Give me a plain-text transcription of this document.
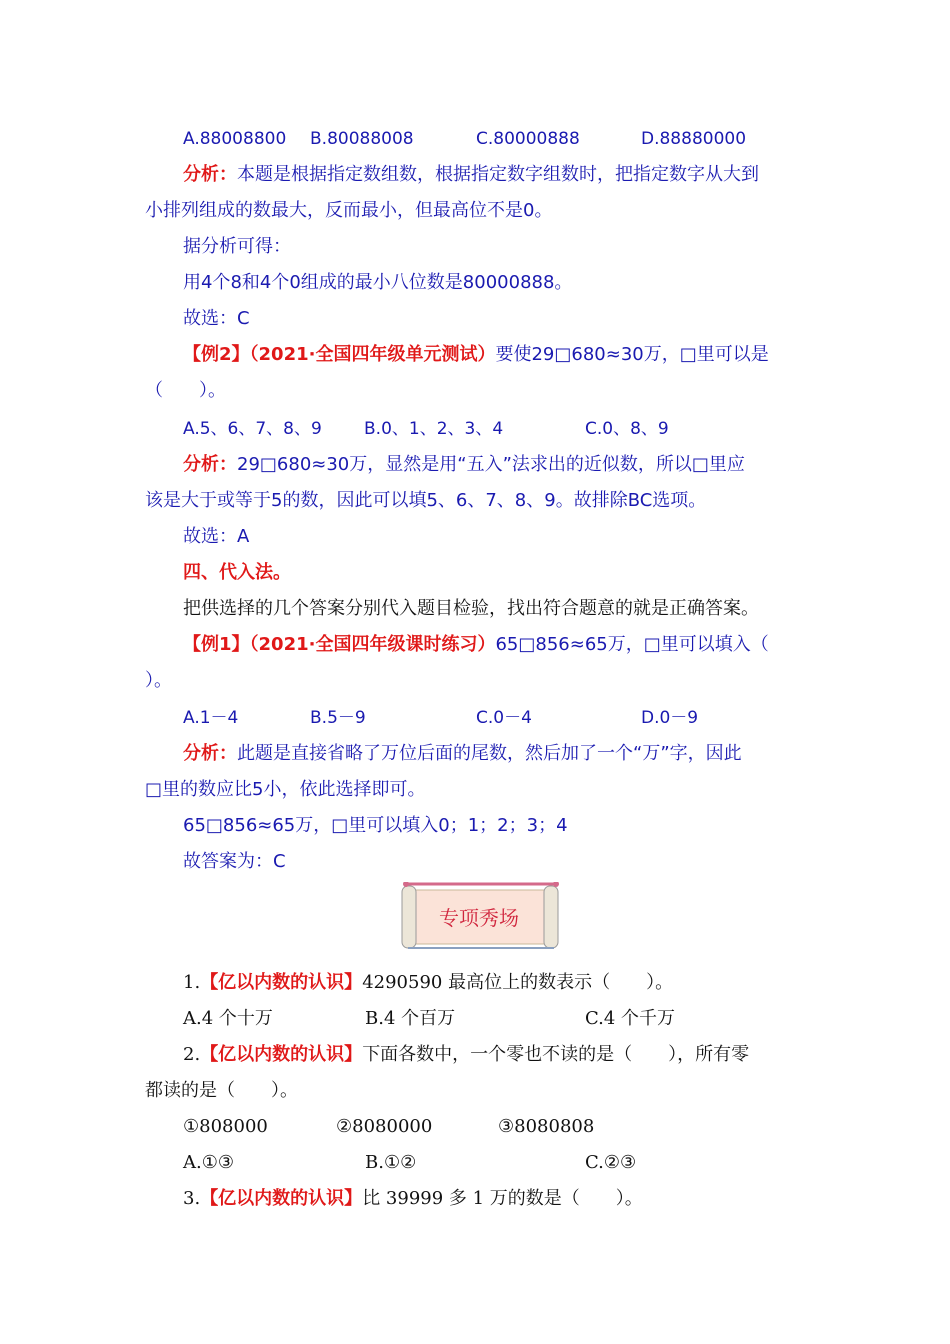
A.88008800 B.80088008	C.80000888	D.88880000
分析：本题是根据指定数组数，根据指定数字组数时，把指定数字从大到
小排列组成的数最大，反而最小，但最高位不是0。
据分析可得：
用4个8和4个0组成的最小八位数是80000888。
故选：C
【例2】（2021·全国四年级单元测试）要使29□680≈30万，□里可以是
（　　）。
A.5、6、7、8、9 B.0、1、2、3、4	C.0、8、9
分析：29□680≈30万，显然是用“五入”法求出的近似数，所以□里应
该是大于或等于5的数，因此可以填5、6、7、8、9。故排除BC选项。
故选：A
四、代入法。
把供选择的几个答案分别代入题目检验，找出符合题意的就是正确答案。
【例1】（2021·全国四年级课时练习）65□856≈65万，□里可以填入（
）。
A.1－4	B.5－9	C.0－4	D.0－9
分析：此题是直接省略了万位后面的尾数，然后加了一个“万”字，因此
□里的数应比5小，依此选择即可。
65□856≈65万，□里可以填入0；1；2；3；4
故答案为：C
专项秀场
1.【亿以内数的认识】4290590 最高位上的数表示（　　）。
A.4 个十万	B.4 个百万	C.4 个千万
2.【亿以内数的认识】下面各数中，一个零也不读的是（　　），所有零
都读的是（　　）。
①808000	②8080000	③8080808
A.①③	B.①②	C.②③
3.【亿以内数的认识】比 39999 多 1 万的数是（　　）。
